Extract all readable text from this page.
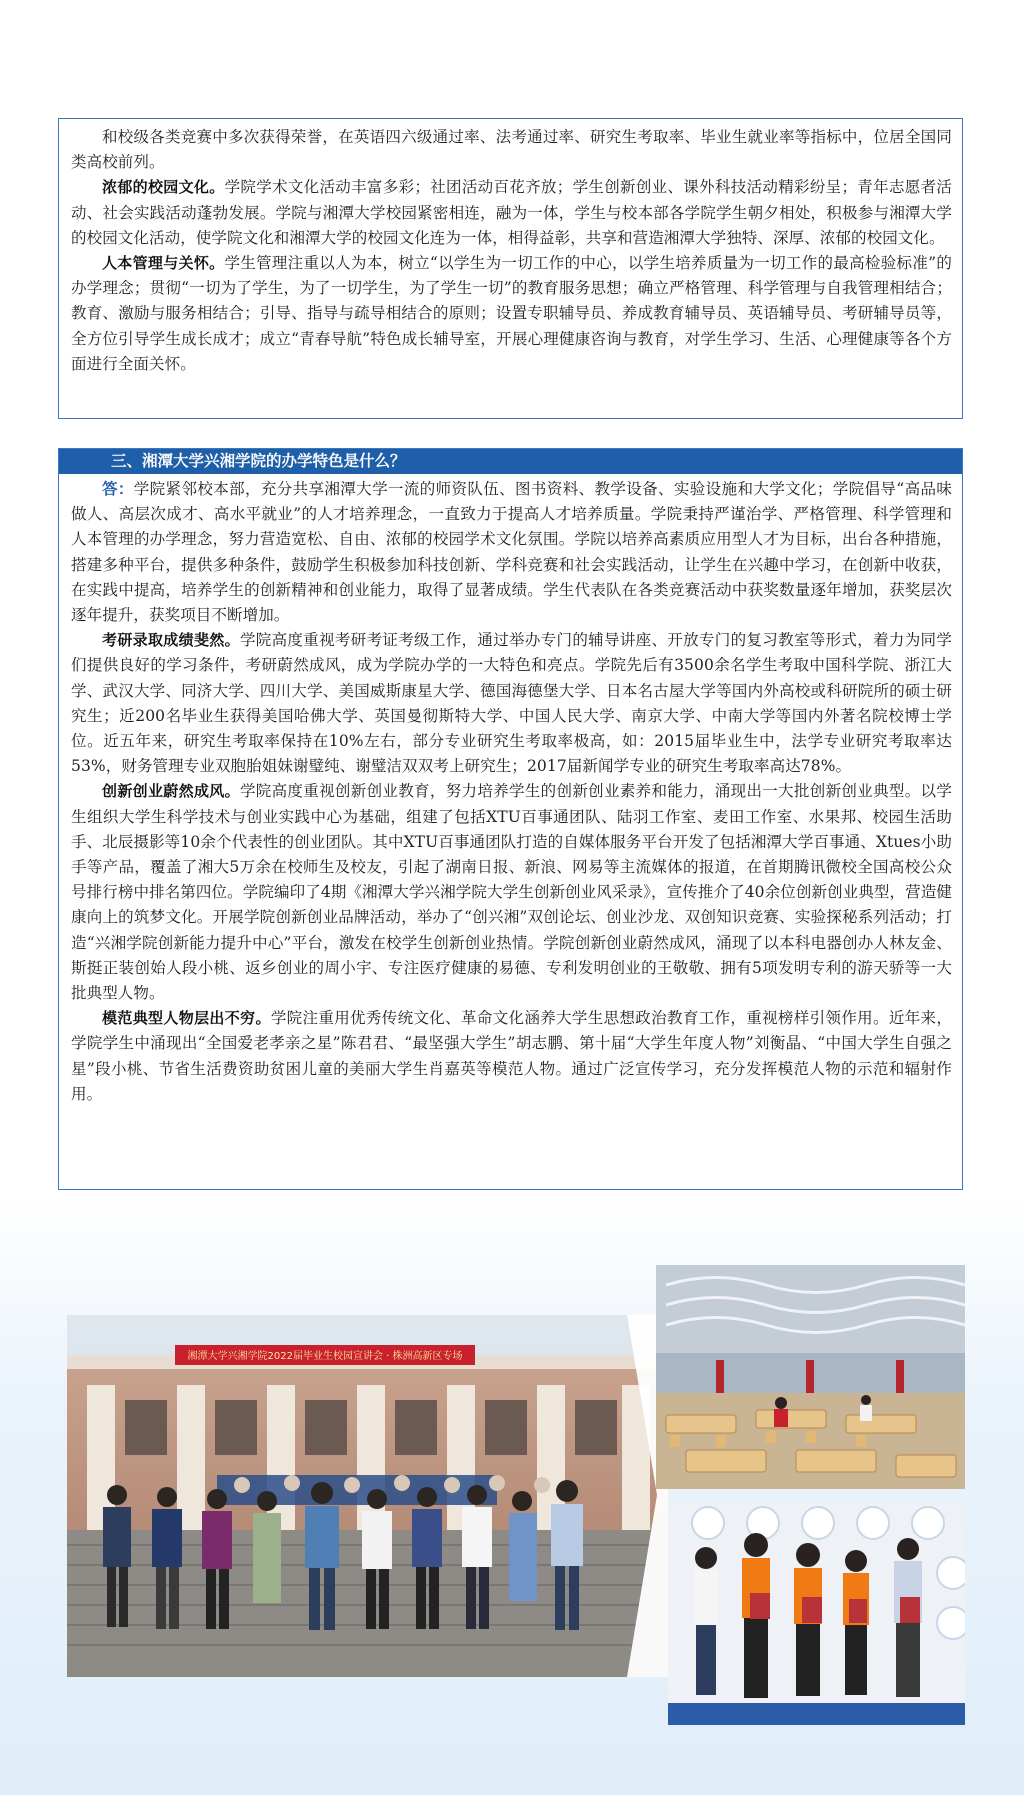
和校级各类竞赛中多次获得荣誉，在英语四六级通过率、法考通过率、研究生考取率、毕业生就业率等指标中，位居全国同类高校前列。

浓郁的校园文化。学院学术文化活动丰富多彩；社团活动百花齐放；学生创新创业、课外科技活动精彩纷呈；青年志愿者活动、社会实践活动蓬勃发展。学院与湘潭大学校园紧密相连，融为一体，学生与校本部各学院学生朝夕相处，积极参与湘潭大学的校园文化活动，使学院文化和湘潭大学的校园文化连为一体，相得益彰，共享和营造湘潭大学独特、深厚、浓郁的校园文化。

人本管理与关怀。学生管理注重以人为本，树立“以学生为一切工作的中心，以学生培养质量为一切工作的最高检验标准”的办学理念；贯彻“一切为了学生，为了一切学生，为了学生一切”的教育服务思想；确立严格管理、科学管理与自我管理相结合；教育、激励与服务相结合；引导、指导与疏导相结合的原则；设置专职辅导员、养成教育辅导员、英语辅导员、考研辅导员等，全方位引导学生成长成才；成立“青春导航”特色成长辅导室，开展心理健康咨询与教育，对学生学习、生活、心理健康等各个方面进行全面关怀。

三、湘潭大学兴湘学院的办学特色是什么？

答：学院紧邻校本部，充分共享湘潭大学一流的师资队伍、图书资料、教学设备、实验设施和大学文化；学院倡导“高品味做人、高层次成才、高水平就业”的人才培养理念，一直致力于提高人才培养质量。学院秉持严谨治学、严格管理、科学管理和人本管理的办学理念，努力营造宽松、自由、浓郁的校园学术文化氛围。学院以培养高素质应用型人才为目标，出台各种措施，搭建多种平台，提供多种条件，鼓励学生积极参加科技创新、学科竞赛和社会实践活动，让学生在兴趣中学习，在创新中收获，在实践中提高，培养学生的创新精神和创业能力，取得了显著成绩。学生代表队在各类竞赛活动中获奖数量逐年增加，获奖层次逐年提升，获奖项目不断增加。

考研录取成绩斐然。学院高度重视考研考证考级工作，通过举办专门的辅导讲座、开放专门的复习教室等形式，着力为同学们提供良好的学习条件，考研蔚然成风，成为学院办学的一大特色和亮点。学院先后有3500余名学生考取中国科学院、浙江大学、武汉大学、同济大学、四川大学、美国威斯康星大学、德国海德堡大学、日本名古屋大学等国内外高校或科研院所的硕士研究生；近200名毕业生获得美国哈佛大学、英国曼彻斯特大学、中国人民大学、南京大学、中南大学等国内外著名院校博士学位。近五年来，研究生考取率保持在10%左右，部分专业研究生考取率极高，如：2015届毕业生中，法学专业研究考取率达53%，财务管理专业双胞胎姐妹谢璧纯、谢璧洁双双考上研究生；2017届新闻学专业的研究生考取率高达78%。

创新创业蔚然成风。学院高度重视创新创业教育，努力培养学生的创新创业素养和能力，涌现出一大批创新创业典型。以学生组织大学生科学技术与创业实践中心为基础，组建了包括XTU百事通团队、陆羽工作室、麦田工作室、水果邦、校园生活助手、北辰摄影等10余个代表性的创业团队。其中XTU百事通团队打造的自媒体服务平台开发了包括湘潭大学百事通、Xtues小助手等产品，覆盖了湘大5万余在校师生及校友，引起了湖南日报、新浪、网易等主流媒体的报道，在首期腾讯微校全国高校公众号排行榜中排名第四位。学院编印了4期《湘潭大学兴湘学院大学生创新创业风采录》，宣传推介了40余位创新创业典型，营造健康向上的筑梦文化。开展学院创新创业品牌活动，举办了“创兴湘”双创论坛、创业沙龙、双创知识竞赛、实验探秘系列活动；打造“兴湘学院创新能力提升中心”平台，激发在校学生创新创业热情。学院创新创业蔚然成风，涌现了以本科电器创办人林友金、斯挺正装创始人段小桃、返乡创业的周小宇、专注医疗健康的易德、专利发明创业的王敬敬、拥有5项发明专利的游天骄等一大批典型人物。

模范典型人物层出不穷。学院注重用优秀传统文化、革命文化涵养大学生思想政治教育工作，重视榜样引领作用。近年来，学院学生中涌现出“全国爱老孝亲之星”陈君君、“最坚强大学生”胡志鹏、第十届“大学生年度人物”刘衡晶、“中国大学生自强之星”段小桃、节省生活费资助贫困儿童的美丽大学生肖嘉英等模范人物。通过广泛宣传学习，充分发挥模范人物的示范和辐射作用。

湘潭大学兴湘学院2022届毕业生校园宣讲会 · 株洲高新区专场
